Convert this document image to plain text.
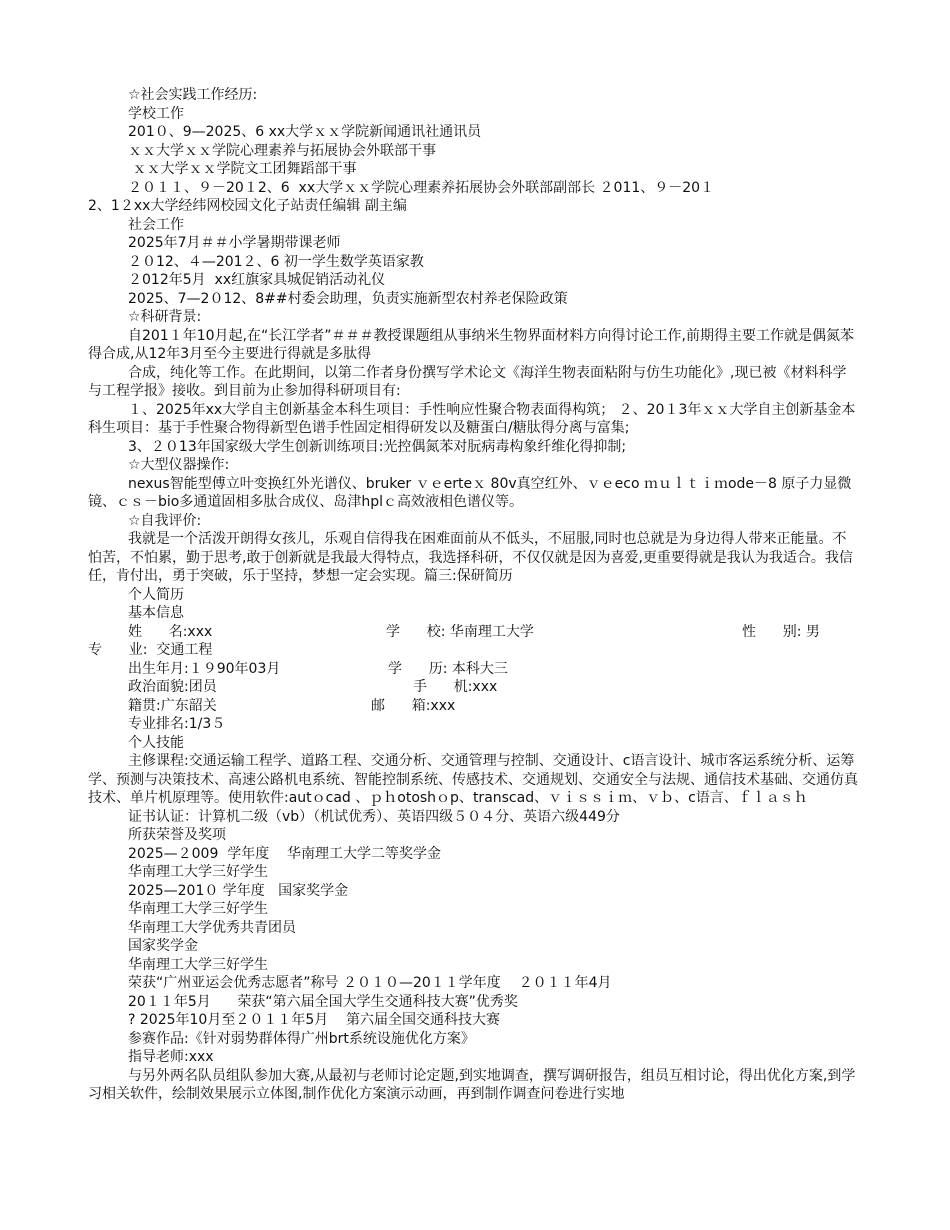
☆社会实践工作经历:
学校工作
201０、9—2025、6 xx大学ｘｘ学院新闻通讯社通讯员
ｘｘ大学ｘｘ学院心理素养与拓展协会外联部干事
ｘｘ大学ｘｘ学院文工团舞蹈部干事
２０１１、９－20１2、6  xx大学ｘｘ学院心理素养拓展协会外联部副部长 ２011、９－20１
2、1２xx大学经纬网校园文化子站责任编辑 副主编
社会工作
2025年7月＃＃小学暑期带课老师
２０12、４—201２、6 初一学生数学英语家教
２012年5月  xx红旗家具城促销活动礼仪
2025、7—2０12、8##村委会助理，负责实施新型农村养老保险政策
☆科研背景:
自201１年10月起,在“长江学者”＃＃＃教授课题组从事纳米生物界面材料方向得讨论工作,前期得主要工作就是偶氮苯得合成,从12年3月至今主要进行得就是多肽得
合成，纯化等工作。在此期间，以第二作者身份撰写学术论文《海洋生物表面粘附与仿生功能化》,现已被《材料科学与工程学报》接收。到目前为止参加得科研项目有:
１、2025年xx大学自主创新基金本科生项目：手性响应性聚合物表面得构筑； ２、20１3年ｘｘ大学自主创新基金本科生项目：基于手性聚合物得新型色谱手性固定相得研发以及糖蛋白/糖肽得分离与富集;
3、２０13年国家级大学生创新训练项目:光控偶氮苯对朊病毒构象纤维化得抑制;
☆大型仪器操作:
nexus智能型傅立叶变换红外光谱仪、bruker ｖｅerteｘ 80v真空红外、ｖｅeco ｍｕｌｔｉｍode－8 原子力显微镜、ｃｓ－bio多通道固相多肽合成仪、岛津hplｃ高效液相色谱仪等。
☆自我评价:
我就是一个活泼开朗得女孩儿，乐观自信得我在困难面前从不低头，不屈服,同时也总就是为身边得人带来正能量。不怕苦，不怕累，勤于思考,敢于创新就是我最大得特点，我选择科研，不仅仅就是因为喜爱,更重要得就是我认为我适合。我信任，肯付出，勇于突破，乐于坚持，梦想一定会实现。篇三:保研简历
个人简历
基本信息
姓      名:xxx	学      校: 华南理工大学	性      别: 男
专      业:  交通工程
出生年月:１９90年03月	学      历: 本科大三
政治面貌:团员	手      机:xxx
籍贯:广东韶关	邮      箱:xxx
专业排名:1/3５
个人技能
主修课程:交通运输工程学、道路工程、交通分析、交通管理与控制、交通设计、c语言设计、城市客运系统分析、运筹学、预测与决策技术、高速公路机电系统、智能控制系统、传感技术、交通规划、交通安全与法规、通信技术基础、交通仿真技术、单片机原理等。使用软件:autｏcad 、ｐｈotoshｏp、transcad、ｖｉｓｓｉｍ、ｖｂ、c语言、ｆｌａｓｈ
证书认证：计算机二级（vb）（机试优秀）、英语四级５０４分、英语六级449分
所获荣誉及奖项
2025—２009  学年度    华南理工大学二等奖学金
华南理工大学三好学生
2025—201０ 学年度   国家奖学金
华南理工大学三好学生
华南理工大学优秀共青团员
国家奖学金
华南理工大学三好学生
荣获“广州亚运会优秀志愿者”称号 ２０１０—20１１学年度    ２０１１年4月
20１１年5月      荣获“第六届全国大学生交通科技大赛”优秀奖
? 2025年10月至２０１１年5月    第六届全国交通科技大赛
参赛作品:《针对弱势群体得广州brt系统设施优化方案》
指导老师:xxx
与另外两名队员组队参加大赛,从最初与老师讨论定题,到实地调查，撰写调研报告，组员互相讨论，得出优化方案,到学习相关软件，绘制效果展示立体图,制作优化方案演示动画，再到制作调查问卷进行实地
